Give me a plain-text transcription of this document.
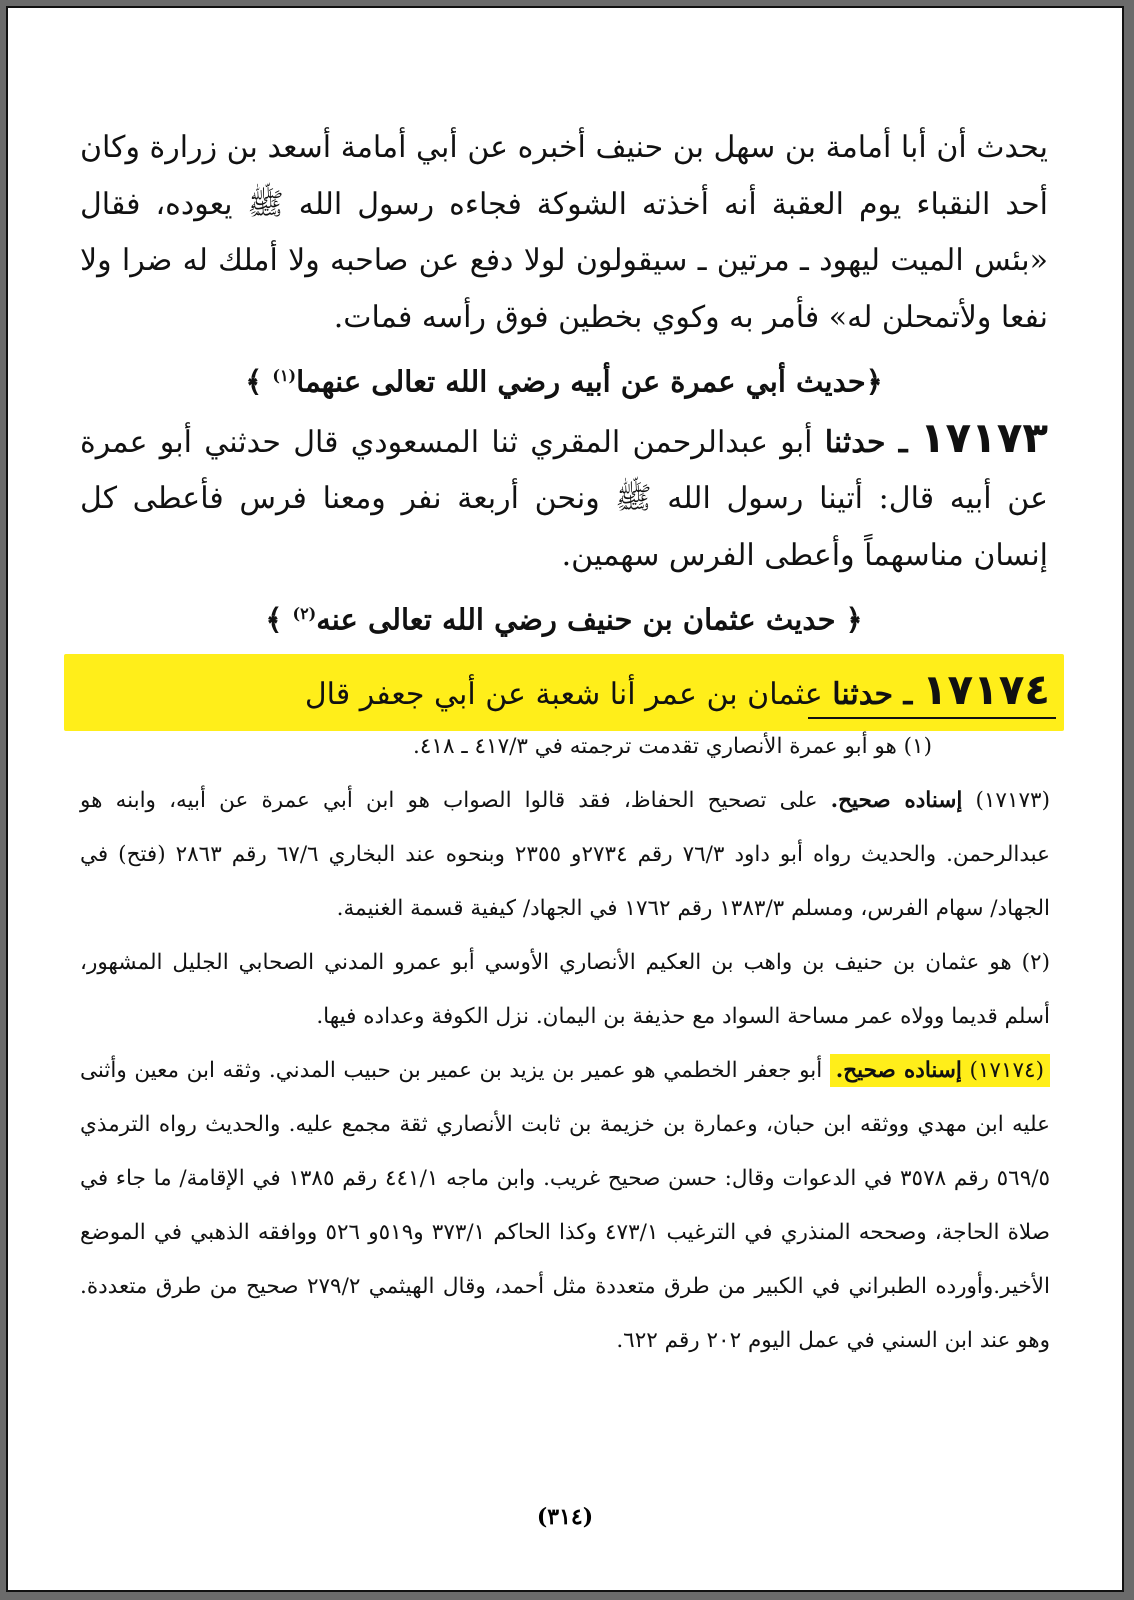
يحدث أن أبا أمامة بن سهل بن حنيف أخبره عن أبي أمامة أسعد بن زرارة وكان أحد النقباء يوم العقبة أنه أخذته الشوكة فجاءه رسول الله ﷺ يعوده، فقال «بئس الميت ليهود ـ مرتين ـ سيقولون لولا دفع عن صاحبه ولا أملك له ضرا ولا نفعا ولأتمحلن له» فأمر به وكوي بخطين فوق رأسه فمات.

﴿حديث أبي عمرة عن أبيه رضي الله تعالى عنهما$^{(١)}$ ﴾

١٧١٧٣ ـ حدثنا أبو عبدالرحمن المقري ثنا المسعودي قال حدثني أبو عمرة عن أبيه قال: أتينا رسول الله ﷺ ونحن أربعة نفر ومعنا فرس فأعطى كل إنسان مناسهماً وأعطى الفرس سهمين.

﴿ حديث عثمان بن حنيف رضي الله تعالى عنه$^{(٢)}$ ﴾

١٧١٧٤ ـ حدثنا عثمان بن عمر أنا شعبة عن أبي جعفر قال

(١) هو أبو عمرة الأنصاري تقدمت ترجمته في ٤١٧/٣ ـ ٤١٨.

(١٧١٧٣) إسناده صحيح. على تصحيح الحفاظ، فقد قالوا الصواب هو ابن أبي عمرة عن أبيه، وابنه هو عبدالرحمن. والحديث رواه أبو داود ٧٦/٣ رقم ٢٧٣٤و ٢٣٥٥ وبنحوه عند البخاري ٦٧/٦ رقم ٢٨٦٣ (فتح) في الجهاد/ سهام الفرس، ومسلم ١٣٨٣/٣ رقم ١٧٦٢ في الجهاد/ كيفية قسمة الغنيمة.

(٢) هو عثمان بن حنيف بن واهب بن العكيم الأنصاري الأوسي أبو عمرو المدني الصحابي الجليل المشهور، أسلم قديما وولاه عمر مساحة السواد مع حذيفة بن اليمان. نزل الكوفة وعداده فيها.

(١٧١٧٤) إسناده صحيح. أبو جعفر الخطمي هو عمير بن يزيد بن عمير بن حبيب المدني. وثقه ابن معين وأثنى عليه ابن مهدي ووثقه ابن حبان، وعمارة بن خزيمة بن ثابت الأنصاري ثقة مجمع عليه. والحديث رواه الترمذي ٥٦٩/٥ رقم ٣٥٧٨ في الدعوات وقال: حسن صحيح غريب. وابن ماجه ٤٤١/١ رقم ١٣٨٥ في الإقامة/ ما جاء في صلاة الحاجة، وصححه المنذري في الترغيب ٤٧٣/١ وكذا الحاكم ٣٧٣/١ و٥١٩و ٥٢٦ ووافقه الذهبي في الموضع الأخير.وأورده الطبراني في الكبير من طرق متعددة مثل أحمد، وقال الهيثمي ٢٧٩/٢ صحيح من طرق متعددة. وهو عند ابن السني في عمل اليوم ٢٠٢ رقم ٦٢٢.

(٣١٤)
